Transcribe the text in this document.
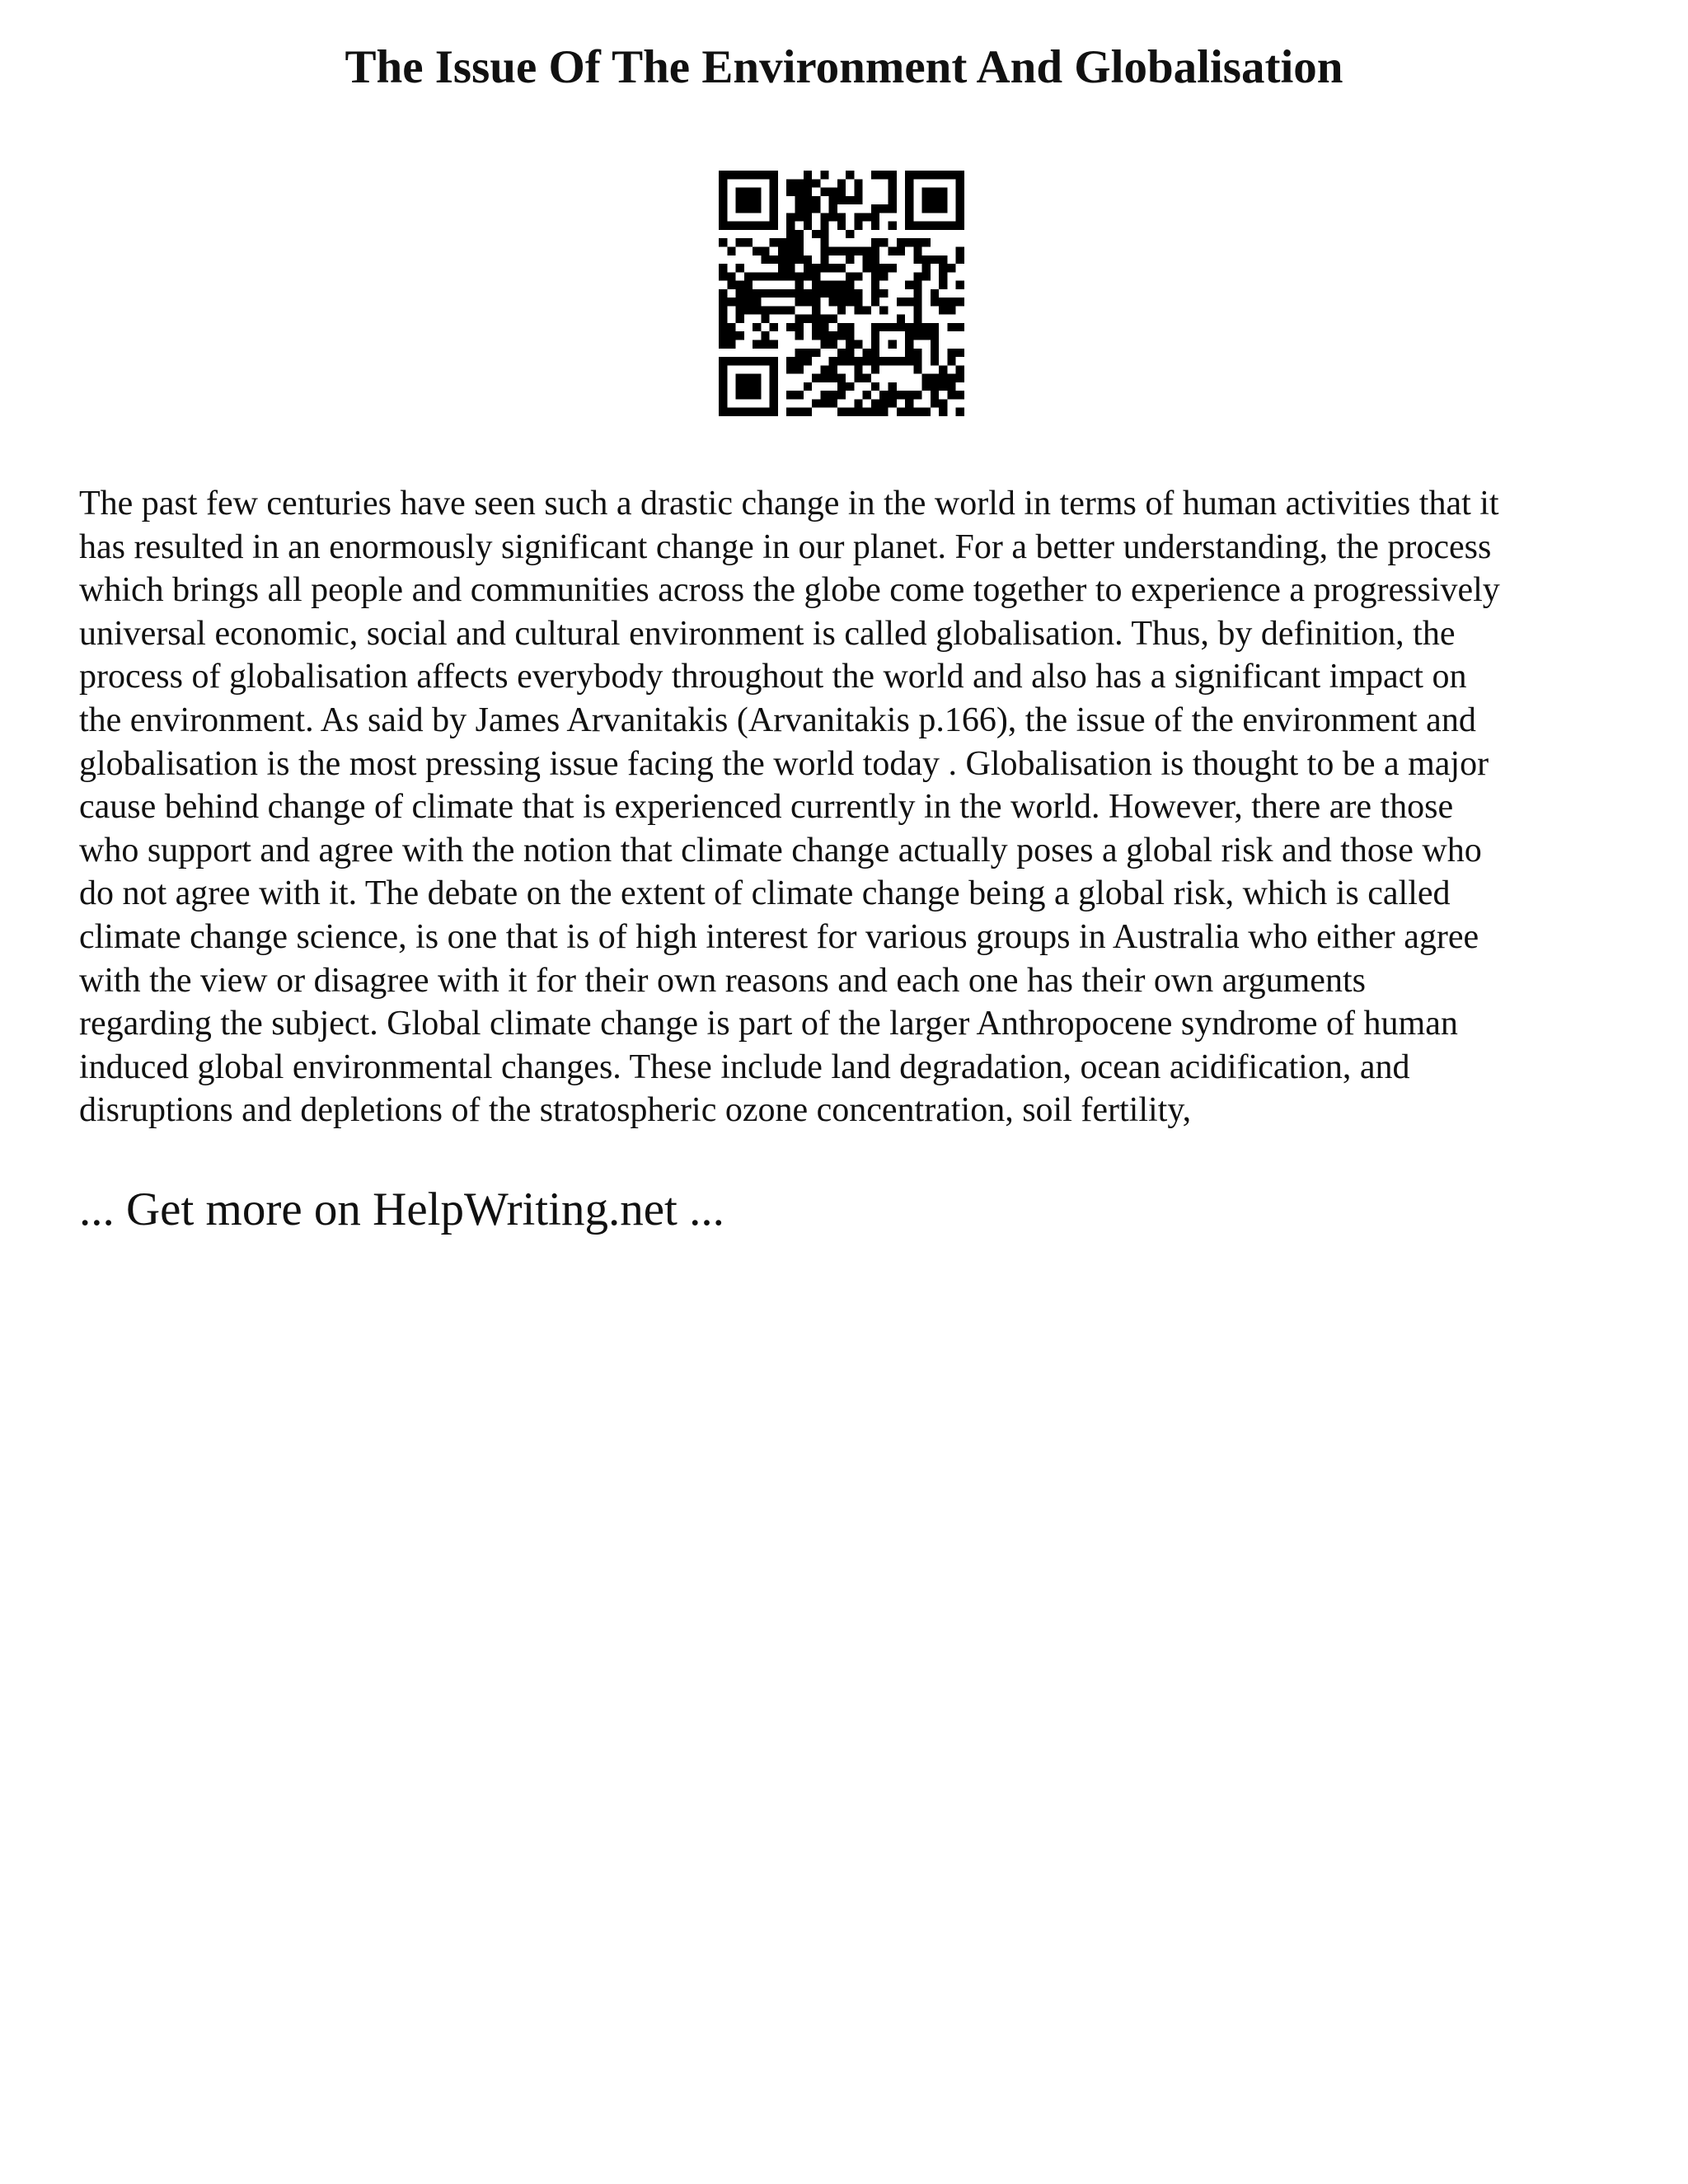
The Issue Of The Environment And Globalisation

The past few centuries have seen such a drastic change in the world in terms of human activities that it
has resulted in an enormously significant change in our planet. For a better understanding, the process
which brings all people and communities across the globe come together to experience a progressively
universal economic, social and cultural environment is called globalisation. Thus, by definition, the
process of globalisation affects everybody throughout the world and also has a significant impact on
the environment. As said by James Arvanitakis (Arvanitakis p.166), the issue of the environment and
globalisation is the most pressing issue facing the world today . Globalisation is thought to be a major
cause behind change of climate that is experienced currently in the world. However, there are those
who support and agree with the notion that climate change actually poses a global risk and those who
do not agree with it. The debate on the extent of climate change being a global risk, which is called
climate change science, is one that is of high interest for various groups in Australia who either agree
with the view or disagree with it for their own reasons and each one has their own arguments
regarding the subject. Global climate change is part of the larger Anthropocene syndrome of human
induced global environmental changes. These include land degradation, ocean acidification, and
disruptions and depletions of the stratospheric ozone concentration, soil fertility,

... Get more on HelpWriting.net ...
